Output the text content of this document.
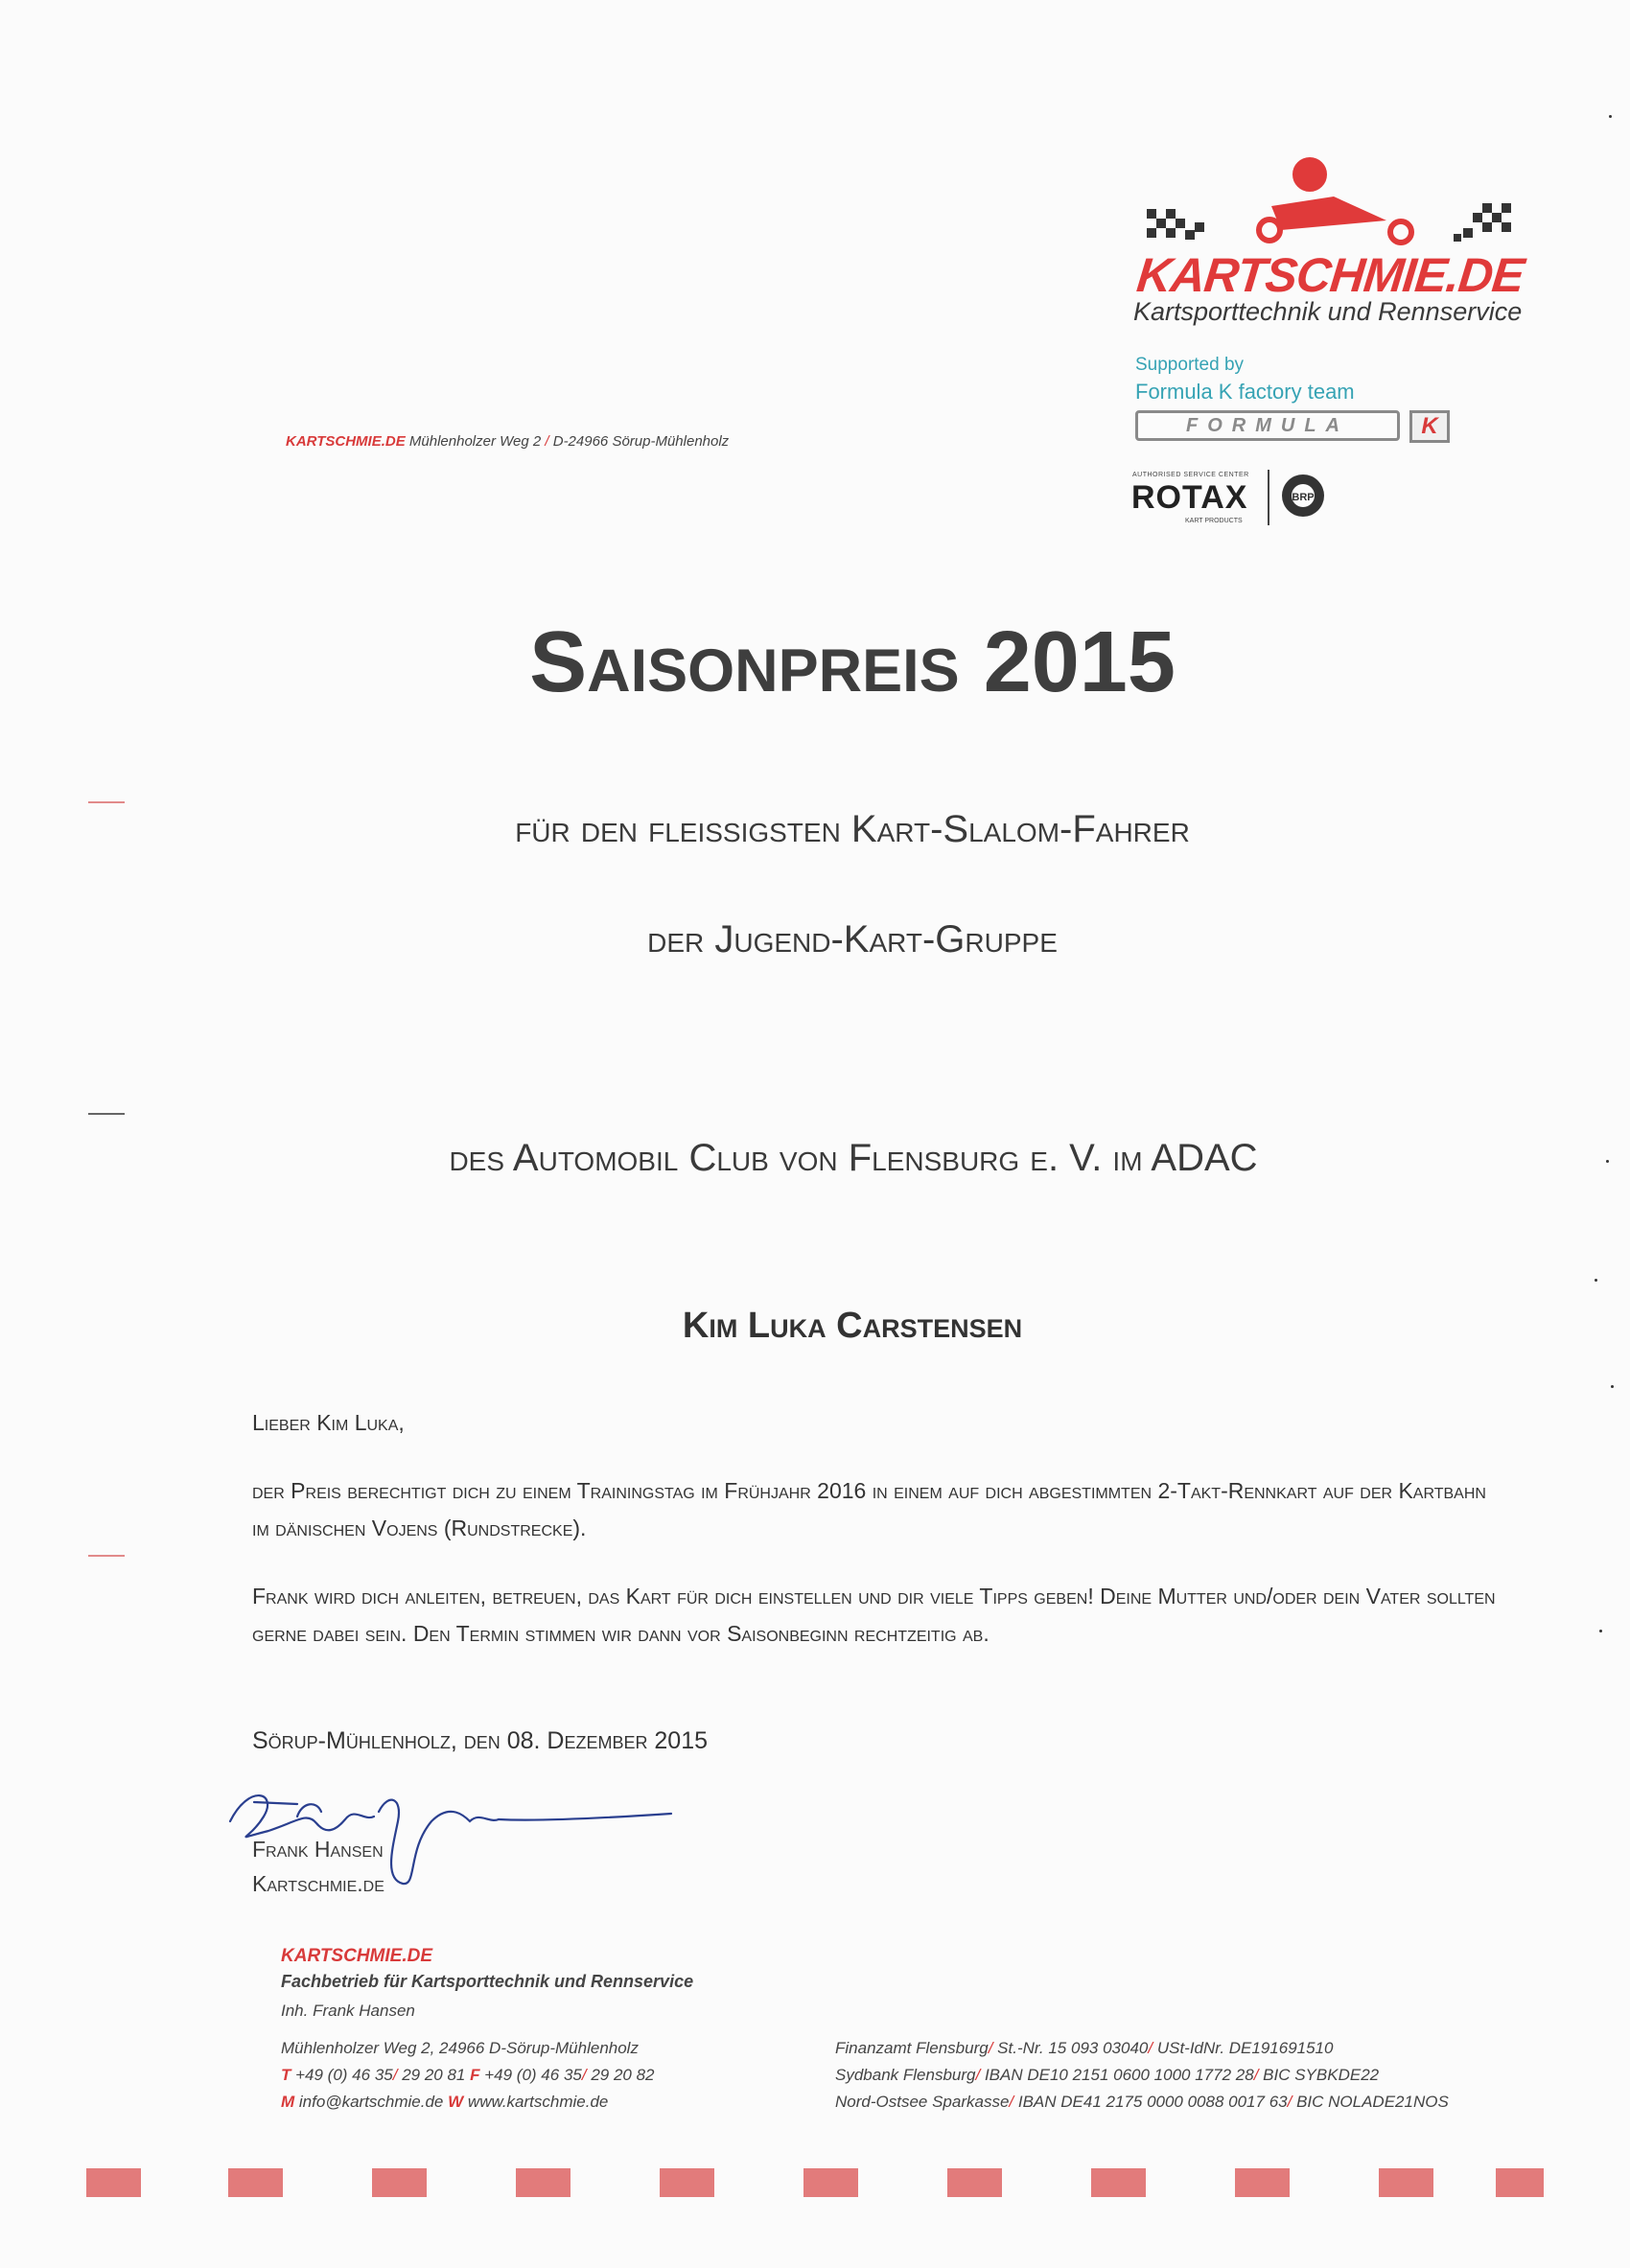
KARTSCHMIE.DE Mühlenholzer Weg 2 / D-24966 Sörup-Mühlenholz
KARTSCHMIE.DE
Kartsporttechnik und Rennservice
Supported by
Formula K factory team
FORMULA	K
AUTHORISED SERVICE CENTER
ROTAX
KART PRODUCTS
BRP
Saisonpreis 2015
für den fleißigsten Kart-Slalom-Fahrer
der Jugend-Kart-Gruppe
des Automobil Club von Flensburg e. V. im ADAC
Kim Luka Carstensen
Lieber Kim Luka,
der Preis berechtigt dich zu einem Trainingstag im Frühjahr 2016 in einem auf dich abgestimmten 2-Takt-Rennkart auf der Kartbahn im dänischen Vojens (Rundstrecke).
Frank wird dich anleiten, betreuen, das Kart für dich einstellen und dir viele Tipps geben! Deine Mutter und/oder dein Vater sollten gerne dabei sein. Den Termin stimmen wir dann vor Saisonbeginn rechtzeitig ab.
Sörup-Mühlenholz, den 08. Dezember 2015
Frank Hansen
Kartschmie.de
KARTSCHMIE.DE
Fachbetrieb für Kartsporttechnik und Rennservice
Inh. Frank Hansen
Mühlenholzer Weg 2, 24966 D-Sörup-Mühlenholz
T +49 (0) 46 35/ 29 20 81 F +49 (0) 46 35/ 29 20 82
M info@kartschmie.de W www.kartschmie.de
Finanzamt Flensburg/ St.-Nr. 15 093 03040/ USt-IdNr. DE191691510
Sydbank Flensburg/ IBAN DE10 2151 0600 1000 1772 28/ BIC SYBKDE22
Nord-Ostsee Sparkasse/ IBAN DE41 2175 0000 0088 0017 63/ BIC NOLADE21NOS
